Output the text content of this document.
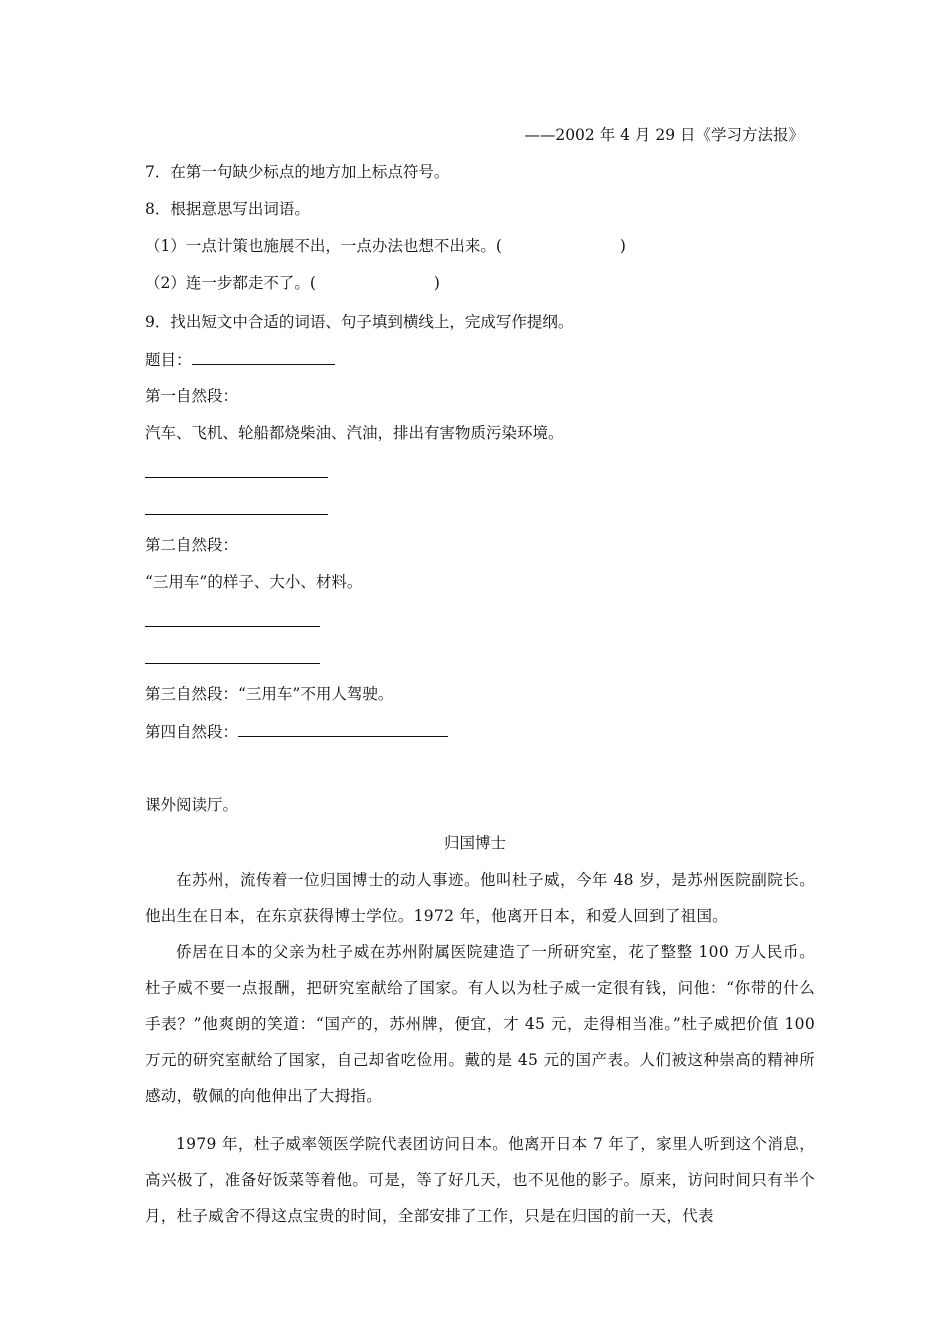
——2002 年 4 月 29 日《学习方法报》
7．在第一句缺少标点的地方加上标点符号。
8．根据意思写出词语。
（1）一点计策也施展不出，一点办法也想不出来。(	)
（2）连一步都走不了。(	)
9．找出短文中合适的词语、句子填到横线上，完成写作提纲。
题目：
第一自然段：
汽车、飞机、轮船都烧柴油、汽油，排出有害物质污染环境。
第二自然段：
“三用车”的样子、大小、材料。
第三自然段：“三用车”不用人驾驶。
第四自然段：
课外阅读厅。
归国博士
在苏州，流传着一位归国博士的动人事迹。他叫杜子威，今年 48 岁，是苏州医院副院长。他出生在日本，在东京获得博士学位。1972 年，他离开日本，和爱人回到了祖国。
侨居在日本的父亲为杜子威在苏州附属医院建造了一所研究室，花了整整 100 万人民币。杜子威不要一点报酬，把研究室献给了国家。有人以为杜子威一定很有钱，问他：“你带的什么手表？”他爽朗的笑道：“国产的，苏州牌，便宜，才 45 元，走得相当准。”杜子威把价值 100 万元的研究室献给了国家，自己却省吃俭用。戴的是 45 元的国产表。人们被这种崇高的精神所感动，敬佩的向他伸出了大拇指。
1979 年，杜子威率领医学院代表团访问日本。他离开日本 7 年了，家里人听到这个消息，高兴极了，准备好饭菜等着他。可是，等了好几天，也不见他的影子。原来，访问时间只有半个月，杜子威舍不得这点宝贵的时间，全部安排了工作，只是在归国的前一天，代表
